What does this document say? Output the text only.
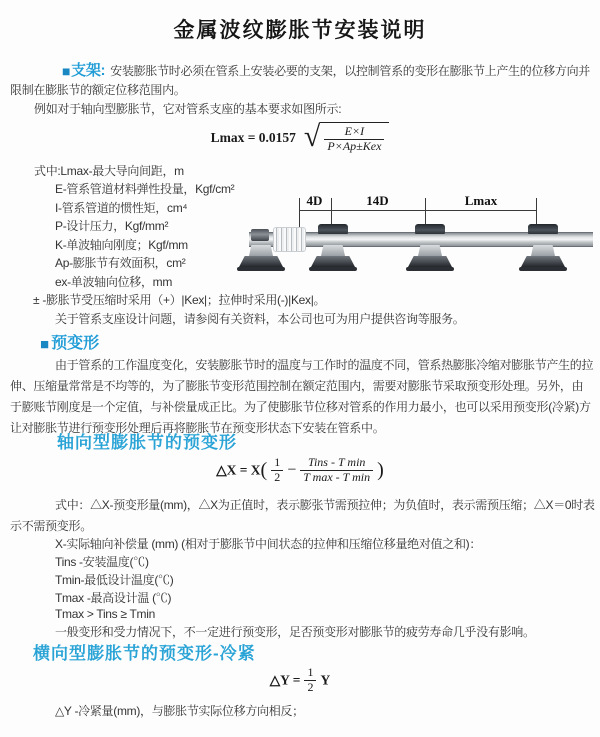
金属波纹膨胀节安装说明
■支架: 安装膨胀节时必须在管系上安装必要的支架，以控制管系的变形在膨胀节上产生的位移方向并
限制在膨胀节的额定位移范围内。
例如对于轴向型膨胀节，它对管系支座的基本要求如图所示:
Lmax = 0.0157 √ $\frac{E\times I}{\text{P×Ap±Kex}}$
式中:Lmax-最大导向间距，m
E-管系管道材料弹性投量，Kgf/cm²
I-管系管道的惯性矩，cm⁴
P-设计压力，Kgf/mm²
K-单波轴向刚度；Kgf/mm
Ap-膨胀节有效面积，cm²
ex-单波轴向位移，mm
4D	14D	Lmax
± -膨胀节受压缩时采用（+）|Kex|；拉伸时采用(-)|Kex|。
关于管系支座设计问题，请参阅有关资料，本公司也可为用户提供咨询等服务。
■ 预变形
由于管系的工作温度变化，安装膨胀节时的温度与工作时的温度不同，管系热膨胀冷缩对膨胀节产生的拉
伸、压缩量常常是不均等的，为了膨胀节变形范围控制在额定范围内，需要对膨胀节采取预变形处理。另外，由
于膨账节刚度是一个定值，与补偿量成正比。为了使膨胀节位移对管系的作用力最小，也可以采用预变形(冷紧)方
让对膨胀节进行预变形处理后再将膨胀节在预变形状态下安装在管系中。
轴向型膨胀节的预变形
△X = $X( \frac{1}{2} - \frac{\text{Tins - T min}}{\text{T max - T min}}$ )
式中：△X-预变形量(mm)，△X为正值时，表示膨张节需预拉伸；为负值时，表示需预压缩；△X＝0时表
示不需预变形。
X-实际轴向补偿量 (mm) (相对于膨胀节中间状态的拉伸和压缩位移量绝对值之和)：
Tins -安装温度(℃)
Tmin-最低设计温度(℃)
Tmax -最高设计温 (℃)
Tmax > Tins ≥ Tmin
一般变形和受力情况下，不一定进行预变形，足否预变形对膨胀节的疲劳寿命几乎没有影响。
横向型膨胀节的预变形-冷紧
△Y = $\frac{1}{2}$ Y
△Y -冷紧量(mm)，与膨胀节实际位移方向相反；
